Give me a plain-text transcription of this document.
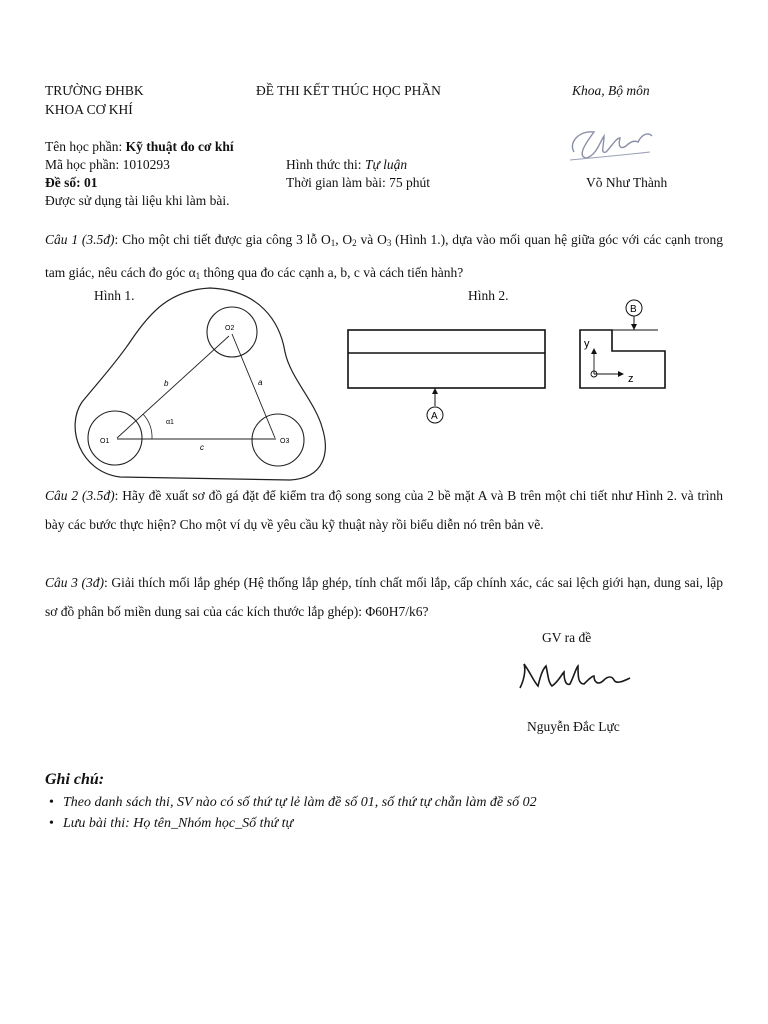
TRƯỜNG ĐHBK
KHOA CƠ KHÍ
ĐỀ THI KẾT THÚC HỌC PHẦN	Khoa, Bộ môn
Tên học phần: Kỹ thuật đo cơ khí
Mã học phần: 1010293	Hình thức thi: Tự luận
Đề số: 01	Thời gian làm bài: 75 phút	Võ Như Thành
Được sử dụng tài liệu khi làm bài.
Câu 1 (3.5đ): Cho một chi tiết được gia công 3 lỗ $O_1$, $O_2$ và $O_3$ (Hình 1.), dựa vào mối quan hệ giữa góc với các cạnh trong tam giác, nêu cách đo góc $\alpha_1$ thông qua đo các cạnh a, b, c và cách tiến hành?
Hình 1.	Hình 2.
O2
O1	O3
b	a
c
α1
A
B
y
z
Câu 2 (3.5đ): Hãy đề xuất sơ đồ gá đặt để kiểm tra độ song song của 2 bề mặt A và B trên một chi tiết như Hình 2. và trình bày các bước thực hiện? Cho một ví dụ về yêu cầu kỹ thuật này rồi biểu diễn nó trên bản vẽ.
Câu 3 (3đ): Giải thích mối lắp ghép (Hệ thống lắp ghép, tính chất mối lắp, cấp chính xác, các sai lệch giới hạn, dung sai, lập sơ đồ phân bố miền dung sai của các kích thước lắp ghép): Φ60H7/k6?
GV ra đề
Nguyễn Đắc Lực
Ghi chú:
• Theo danh sách thi, SV nào có số thứ tự lẻ làm đề số 01, số thứ tự chẵn làm đề số 02
• Lưu bài thi: Họ tên_Nhóm học_Số thứ tự
